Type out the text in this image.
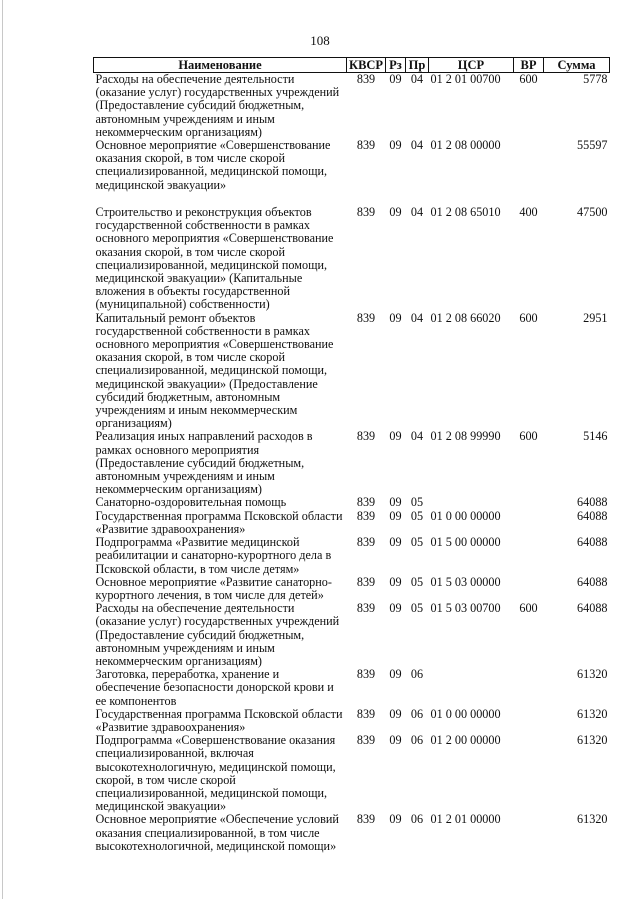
108
Наименование	КВСР	Рз	Пр	ЦСР	ВР	Сумма
Расходы на обеспечение деятельности (оказание услуг) государственных учреждений (Предоставление субсидий бюджетным, автономным учреждениям и иным некоммерческим организациям)	839	09	04	01 2 01 00700	600	5778
Основное мероприятие «Совершенствование оказания скорой, в том числе скорой специализированной, медицинской помощи, медицинской эвакуации»	839	09	04	01 2 08 00000		55597
Строительство и реконструкция объектов государственной собственности в рамках основного мероприятия «Совершенствование оказания скорой, в том числе скорой специализированной, медицинской помощи, медицинской эвакуации» (Капитальные вложения в объекты государственной (муниципальной) собственности)	839	09	04	01 2 08 65010	400	47500
Капитальный ремонт объектов государственной собственности в рамках основного мероприятия «Совершенствование оказания скорой, в том числе скорой специализированной, медицинской помощи, медицинской эвакуации» (Предоставление субсидий бюджетным, автономным учреждениям и иным некоммерческим организациям)	839	09	04	01 2 08 66020	600	2951
Реализация иных направлений расходов в рамках основного мероприятия (Предоставление субсидий бюджетным, автономным учреждениям и иным некоммерческим организациям)	839	09	04	01 2 08 99990	600	5146
Санаторно-оздоровительная помощь	839	09	05			64088
Государственная программа Псковской области «Развитие здравоохранения»	839	09	05	01 0 00 00000		64088
Подпрограмма «Развитие медицинской реабилитации и санаторно-курортного дела в Псковской области, в том числе детям»	839	09	05	01 5 00 00000		64088
Основное мероприятие «Развитие санаторно-курортного лечения, в том числе для детей»	839	09	05	01 5 03 00000		64088
Расходы на обеспечение деятельности (оказание услуг) государственных учреждений (Предоставление субсидий бюджетным, автономным учреждениям и иным некоммерческим организациям)	839	09	05	01 5 03 00700	600	64088
Заготовка, переработка, хранение и обеспечение безопасности донорской крови и ее компонентов	839	09	06			61320
Государственная программа Псковской области «Развитие здравоохранения»	839	09	06	01 0 00 00000		61320
Подпрограмма «Совершенствование оказания специализированной, включая высокотехнологичную, медицинской помощи, скорой, в том числе скорой специализированной, медицинской помощи, медицинской эвакуации»	839	09	06	01 2 00 00000		61320
Основное мероприятие «Обеспечение условий оказания специализированной, в том числе высокотехнологичной, медицинской помощи»	839	09	06	01 2 01 00000		61320
